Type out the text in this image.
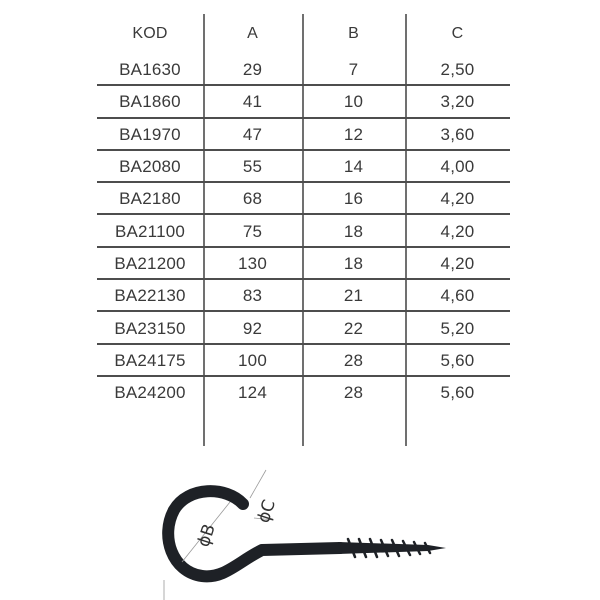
KOD	A	B	C
BA1630	29	7	2,50
BA1860	41	10	3,20
BA1970	47	12	3,60
BA2080	55	14	4,00
BA2180	68	16	4,20
BA21100	75	18	4,20
BA21200	130	18	4,20
BA22130	83	21	4,60
BA23150	92	22	5,20
BA24175	100	28	5,60
BA24200	124	28	5,60
ϕB
ϕC
